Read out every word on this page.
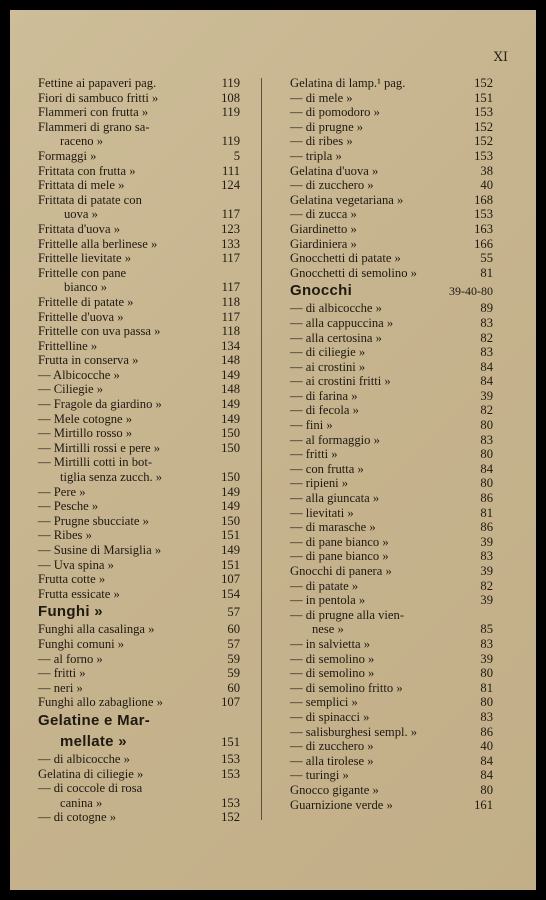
XI
Fettine ai papaveri pag.	119
Fiori di sambuco fritti »	108
Flammeri con frutta »	119
Flammeri di grano sa-
raceno »	119
Formaggi »	5
Frittata con frutta »	111
Frittata di mele »	124
Frittata di patate con
uova »	117
Frittata d'uova »	123
Frittelle alla berlinese »	133
Frittelle lievitate »	117
Frittelle con pane
bianco »	117
Frittelle di patate »	118
Frittelle d'uova »	117
Frittelle con uva passa »	118
Frittelline »	134
Frutta in conserva »	148
— Albicocche »	149
— Ciliegie »	148
— Fragole da giardino »	149
— Mele cotogne »	149
— Mirtillo rosso »	150
— Mirtilli rossi e pere »	150
— Mirtilli cotti in bot-
tiglia senza zucch. »	150
— Pere »	149
— Pesche »	149
— Prugne sbucciate »	150
— Ribes »	151
— Susine di Marsiglia »	149
— Uva spina »	151
Frutta cotte »	107
Frutta essicate »	154
Funghi »	57
Funghi alla casalinga »	60
Funghi comuni »	57
— al forno »	59
— fritti »	59
— neri »	60
Funghi allo zabaglione »	107
Gelatine e Mar-
mellate »	151
— di albicocche »	153
Gelatina di ciliegie »	153
— di coccole di rosa
canina »	153
— di cotogne »	152
Gelatina di lamp.¹ pag.	152
— di mele »	151
— di pomodoro »	153
— di prugne »	152
— di ribes »	152
— tripla »	153
Gelatina d'uova »	38
— di zucchero »	40
Gelatina vegetariana »	168
— di zucca »	153
Giardinetto »	163
Giardiniera »	166
Gnocchetti di patate »	55
Gnocchetti di semolino »	81
Gnocchi	39-40-80
— di albicocche »	89
— alla cappuccina »	83
— alla certosina »	82
— di ciliegie »	83
— ai crostini »	84
— ai crostini fritti »	84
— di farina »	39
— di fecola »	82
— fini »	80
— al formaggio »	83
— fritti »	80
— con frutta »	84
— ripieni »	80
— alla giuncata »	86
— lievitati »	81
— di marasche »	86
— di pane bianco »	39
— di pane bianco »	83
Gnocchi di panera »	39
— di patate »	82
— in pentola »	39
— di prugne alla vien-
nese »	85
— in salvietta »	83
— di semolino »	39
— di semolino »	80
— di semolino fritto »	81
— semplici »	80
— di spinacci »	83
— salisburghesi sempl. »	86
— di zucchero »	40
— alla tirolese »	84
— turingi »	84
Gnocco gigante »	80
Guarnizione verde »	161
